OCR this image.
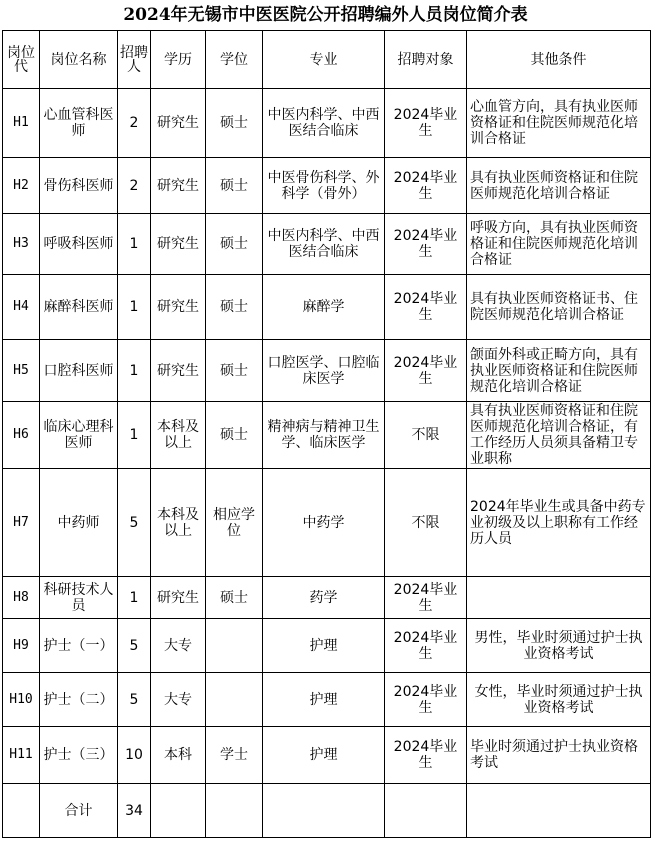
2024年无锡市中医医院公开招聘编外人员岗位简介表
岗位代	岗位名称	招聘人	学历	学位	专业	招聘对象	其他条件
H1	心血管科医师	2	研究生	硕士	中医内科学、中西医结合临床	2024毕业生	心血管方向，具有执业医师资格证和住院医师规范化培训合格证
H2	骨伤科医师	2	研究生	硕士	中医骨伤科学、外科学（骨外）	2024毕业生	具有执业医师资格证和住院医师规范化培训合格证
H3	呼吸科医师	1	研究生	硕士	中医内科学、中西医结合临床	2024毕业生	呼吸方向，具有执业医师资格证和住院医师规范化培训合格证
H4	麻醉科医师	1	研究生	硕士	麻醉学	2024毕业生	具有执业医师资格证书、住院医师规范化培训合格证
H5	口腔科医师	1	研究生	硕士	口腔医学、口腔临床医学	2024毕业生	颌面外科或正畸方向，具有执业医师资格证和住院医师规范化培训合格证
H6	临床心理科医师	1	本科及以上	硕士	精神病与精神卫生学、临床医学	不限	具有执业医师资格证和住院医师规范化培训合格证，有工作经历人员须具备精卫专业职称
H7	中药师	5	本科及以上	相应学位	中药学	不限	2024年毕业生或具备中药专业初级及以上职称有工作经历人员
H8	科研技术人员	1	研究生	硕士	药学	2024毕业生	
H9	护士（一）	5	大专		护理	2024毕业生	男性，毕业时须通过护士执业资格考试
H10	护士（二）	5	大专		护理	2024毕业生	女性，毕业时须通过护士执业资格考试
H11	护士（三）	10	本科	学士	护理	2024毕业生	毕业时须通过护士执业资格考试
	合计	34					
